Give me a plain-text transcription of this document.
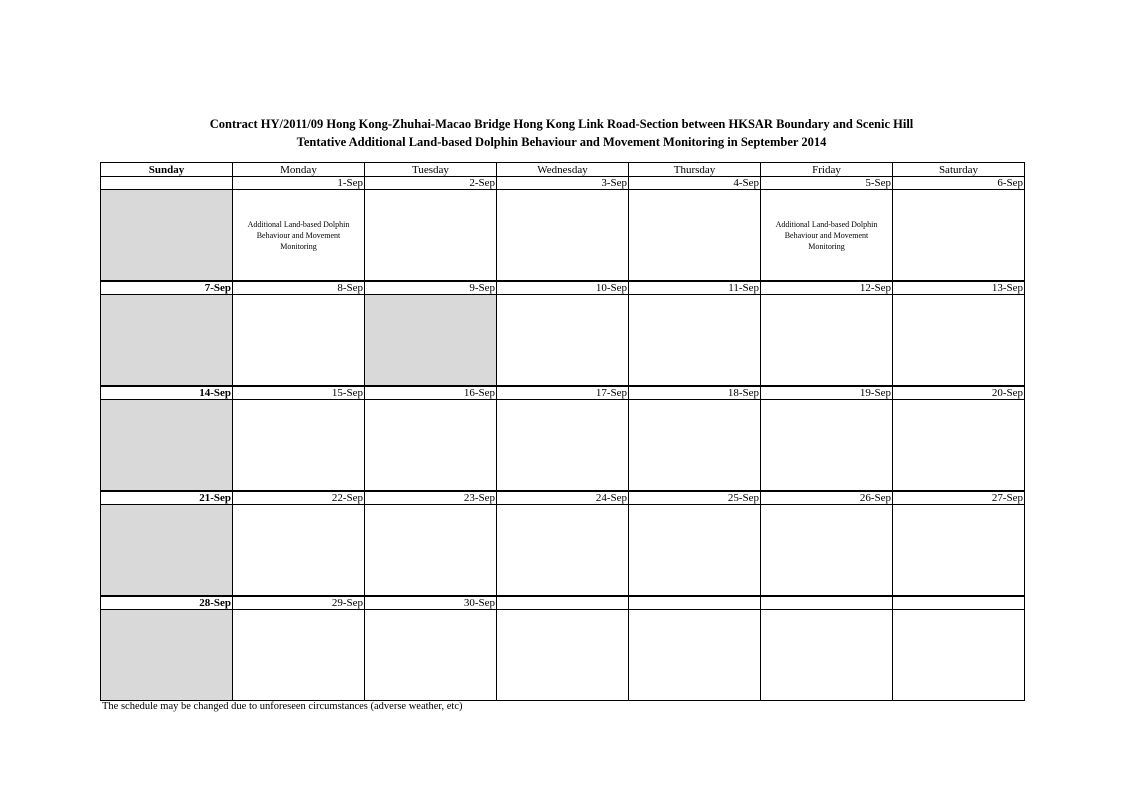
Contract HY/2011/09 Hong Kong-Zhuhai-Macao Bridge Hong Kong Link Road-Section between HKSAR Boundary and Scenic Hill
Tentative Additional Land-based Dolphin Behaviour and Movement Monitoring in September 2014
Sunday	Monday	Tuesday	Wednesday	Thursday	Friday	Saturday
	1-Sep	2-Sep	3-Sep	4-Sep	5-Sep	6-Sep
	Additional Land-based Dolphin Behaviour and Movement Monitoring				Additional Land-based Dolphin Behaviour and Movement Monitoring	
7-Sep	8-Sep	9-Sep	10-Sep	11-Sep	12-Sep	13-Sep

14-Sep	15-Sep	16-Sep	17-Sep	18-Sep	19-Sep	20-Sep

21-Sep	22-Sep	23-Sep	24-Sep	25-Sep	26-Sep	27-Sep

28-Sep	29-Sep	30-Sep				

The schedule may be changed due to unforeseen circumstances (adverse weather, etc)
